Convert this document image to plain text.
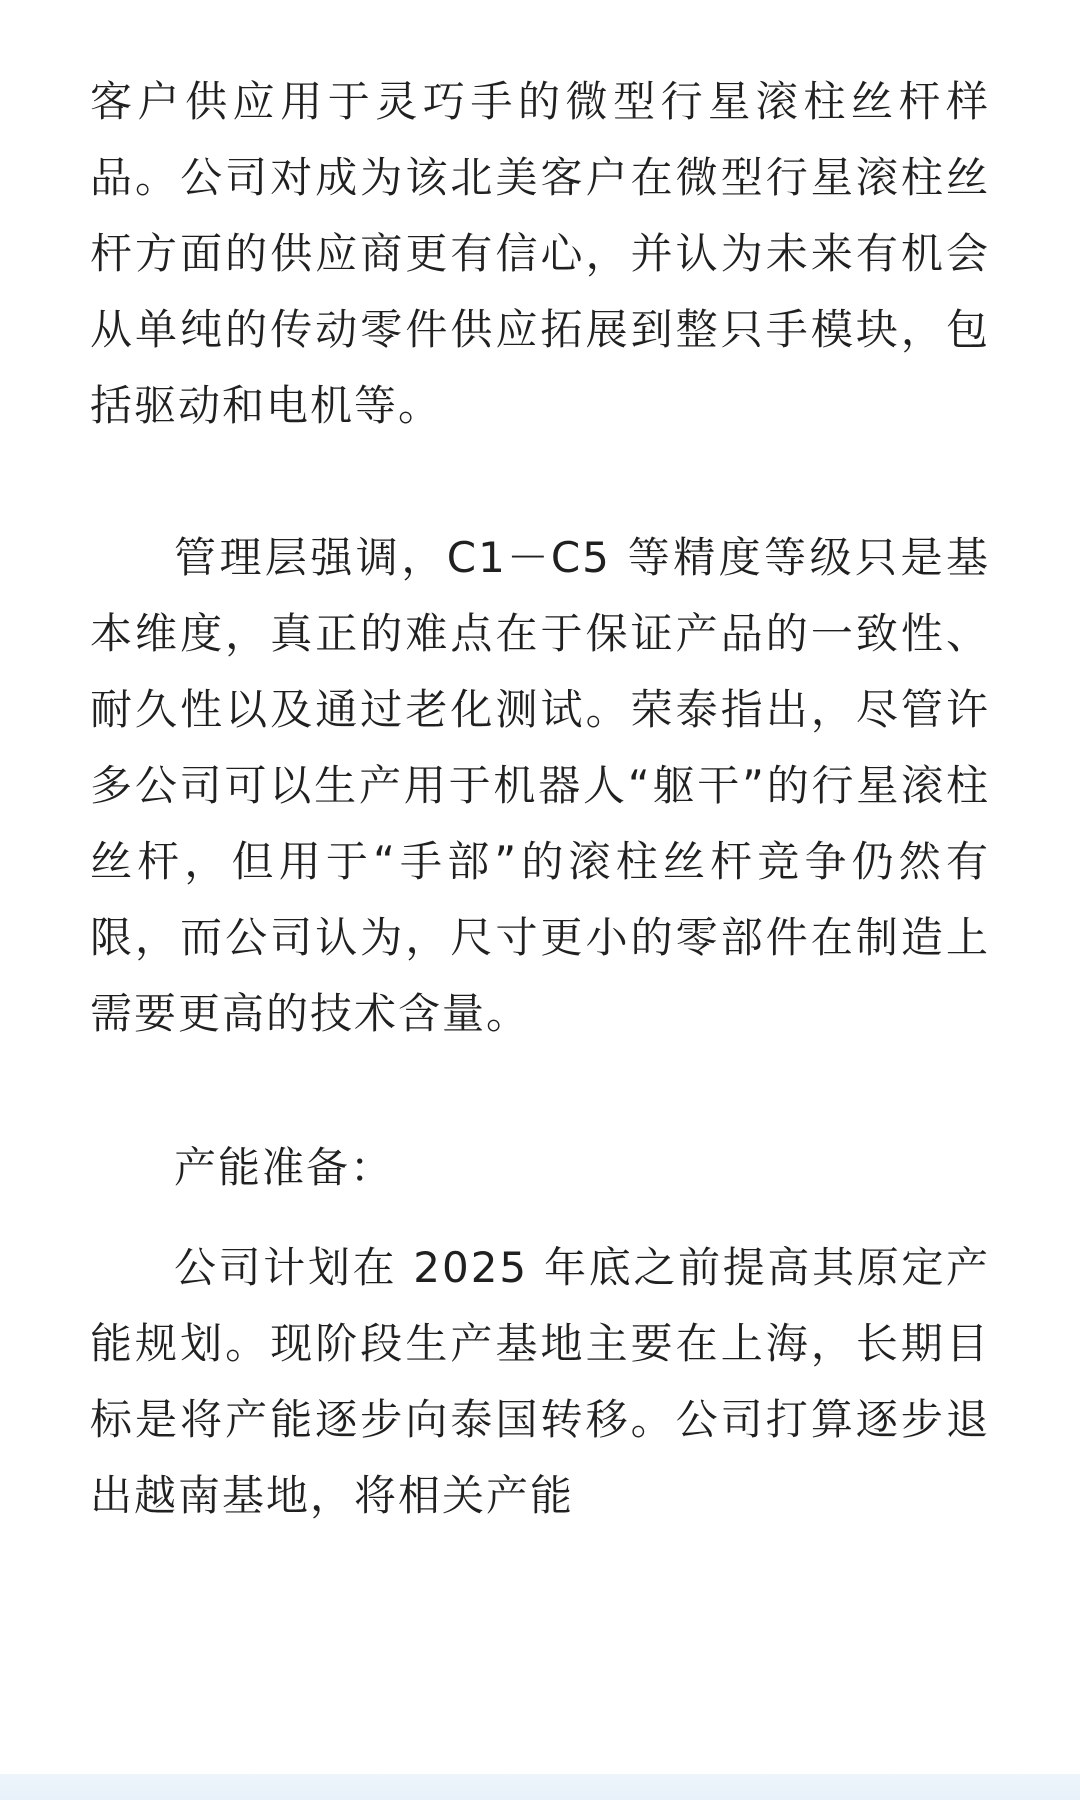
客户供应用于灵巧手的微型行星滚柱丝杆样品。公司对成为该北美客户在微型行星滚柱丝杆方面的供应商更有信心，并认为未来有机会从单纯的传动零件供应拓展到整只手模块，包括驱动和电机等。

管理层强调，C1－C5 等精度等级只是基本维度，真正的难点在于保证产品的一致性、耐久性以及通过老化测试。荣泰指出，尽管许多公司可以生产用于机器人“躯干”的行星滚柱丝杆，但用于“手部”的滚柱丝杆竞争仍然有限，而公司认为，尺寸更小的零部件在制造上需要更高的技术含量。

产能准备：

公司计划在 2025 年底之前提高其原定产能规划。现阶段生产基地主要在上海，长期目标是将产能逐步向泰国转移。公司打算逐步退出越南基地，将相关产能
